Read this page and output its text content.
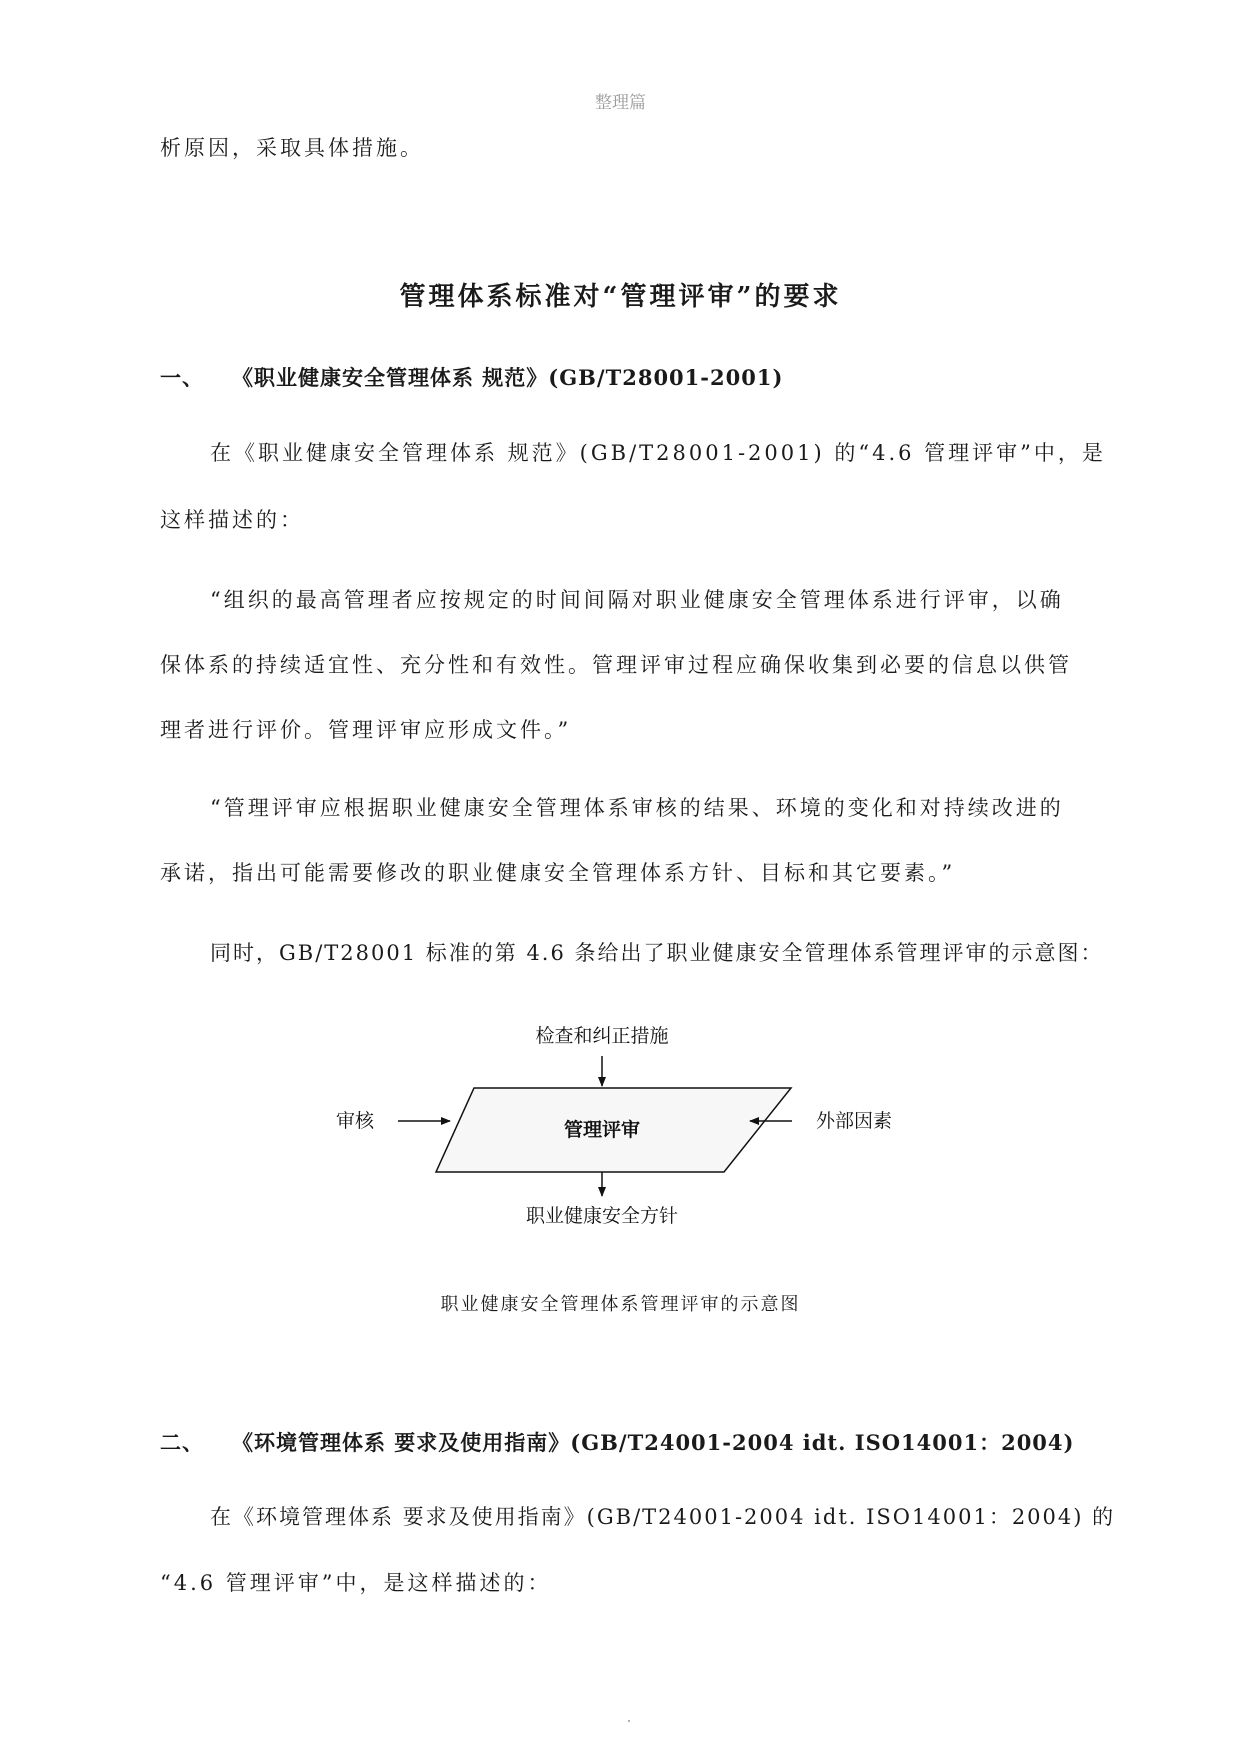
整理篇
析原因，采取具体措施。
管理体系标准对“管理评审”的要求
一、 《职业健康安全管理体系 规范》(GB/T28001-2001)
在《职业健康安全管理体系 规范》(GB/T28001-2001) 的“4.6 管理评审”中，是
这样描述的：
“组织的最高管理者应按规定的时间间隔对职业健康安全管理体系进行评审，以确
保体系的持续适宜性、充分性和有效性。管理评审过程应确保收集到必要的信息以供管
理者进行评价。管理评审应形成文件。”
“管理评审应根据职业健康安全管理体系审核的结果、环境的变化和对持续改进的
承诺，指出可能需要修改的职业健康安全管理体系方针、目标和其它要素。”
同时，GB/T28001 标准的第 4.6 条给出了职业健康安全管理体系管理评审的示意图：
检查和纠正措施
审核	管理评审	外部因素
职业健康安全方针
职业健康安全管理体系管理评审的示意图
二、 《环境管理体系 要求及使用指南》(GB/T24001-2004 idt. ISO14001：2004)
在《环境管理体系 要求及使用指南》(GB/T24001-2004 idt. ISO14001：2004) 的
“4.6 管理评审”中，是这样描述的：
